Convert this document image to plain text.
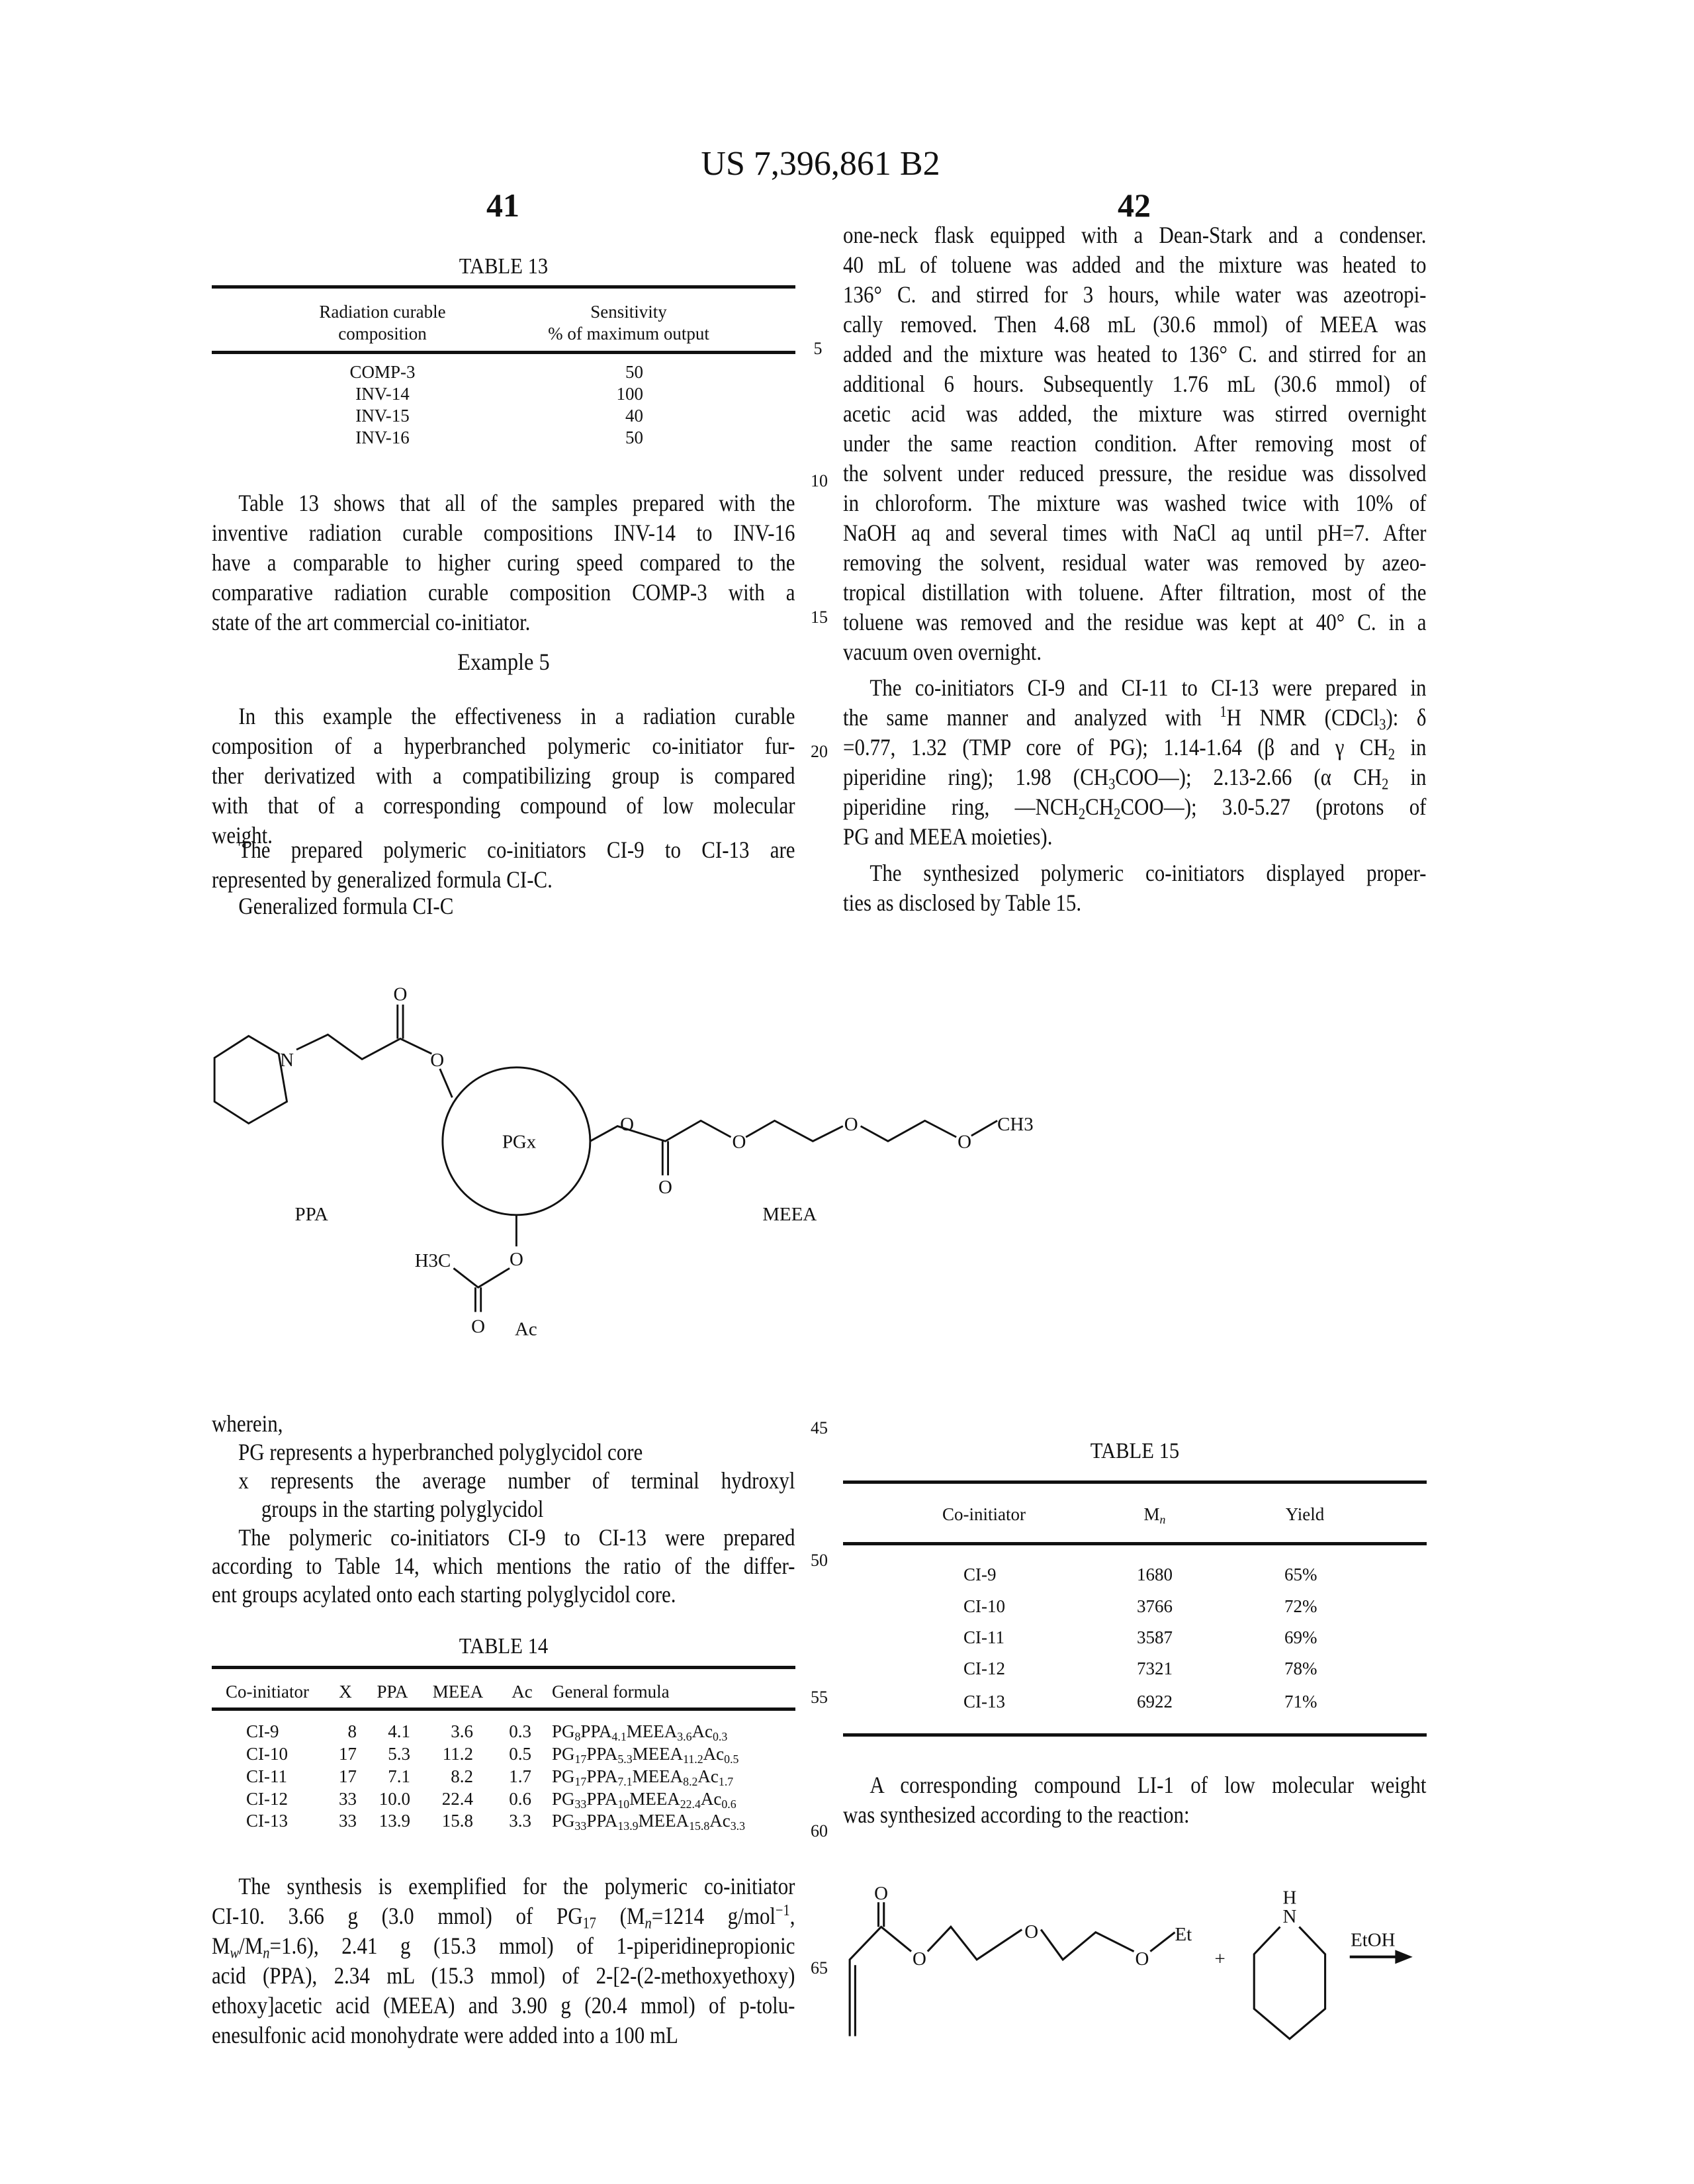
US 7,396,861 B2
41	42
5
10
15
20
45
50
55
60
65
TABLE 13
Radiation curable
composition
Sensitivity
% of maximum output
COMP-3	50
INV-14	100
INV-15	40
INV-16	50
Table 13 shows that all of the samples prepared with the
inventive radiation curable compositions INV-14 to INV-16
have a comparable to higher curing speed compared to the
comparative radiation curable composition COMP-3 with a
state of the art commercial co-initiator.
Example 5
In this example the effectiveness in a radiation curable
composition of a hyperbranched polymeric co-initiator fur-
ther derivatized with a compatibilizing group is compared
with that of a corresponding compound of low molecular
weight.
The prepared polymeric co-initiators CI-9 to CI-13 are
represented by generalized formula CI-C.
Generalized formula CI-C
wherein,
PG represents a hyperbranched polyglycidol core
x represents the average number of terminal hydroxyl
groups in the starting polyglycidol
The polymeric co-initiators CI-9 to CI-13 were prepared
according to Table 14, which mentions the ratio of the differ-
ent groups acylated onto each starting polyglycidol core.
TABLE 14
Co-initiator X PPA MEEA Ac General formula
CI-9	8	4.1	3.6	0.3 PG8PPA4.1MEEA3.6Ac0.3
CI-10	17	5.3	11.2	0.5 PG17PPA5.3MEEA11.2Ac0.5
CI-11	17	7.1	8.2	1.7 PG17PPA7.1MEEA8.2Ac1.7
CI-12	33	10.0	22.4	0.6 PG33PPA10MEEA22.4Ac0.6
CI-13	33	13.9	15.8	3.3 PG33PPA13.9MEEA15.8Ac3.3
The synthesis is exemplified for the polymeric co-initiator
CI-10. 3.66 g (3.0 mmol) of PG17 (Mn=1214 g/mol−1,
Mw/Mn=1.6), 2.41 g (15.3 mmol) of 1-piperidinepropionic
acid (PPA), 2.34 mL (15.3 mmol) of 2-[2-(2-methoxyethoxy)
ethoxy]acetic acid (MEEA) and 3.90 g (20.4 mmol) of p-tolu-
enesulfonic acid monohydrate were added into a 100 mL
one-neck flask equipped with a Dean-Stark and a condenser.
40 mL of toluene was added and the mixture was heated to
136° C. and stirred for 3 hours, while water was azeotropi-
cally removed. Then 4.68 mL (30.6 mmol) of MEEA was
added and the mixture was heated to 136° C. and stirred for an
additional 6 hours. Subsequently 1.76 mL (30.6 mmol) of
acetic acid was added, the mixture was stirred overnight
under the same reaction condition. After removing most of
the solvent under reduced pressure, the residue was dissolved
in chloroform. The mixture was washed twice with 10% of
NaOH aq and several times with NaCl aq until pH=7. After
removing the solvent, residual water was removed by azeo-
tropical distillation with toluene. After filtration, most of the
toluene was removed and the residue was kept at 40° C. in a
vacuum oven overnight.
The co-initiators CI-9 and CI-11 to CI-13 were prepared in
the same manner and analyzed with 1H NMR (CDCl3): δ
=0.77, 1.32 (TMP core of PG); 1.14-1.64 (β and γ CH2 in
piperidine ring); 1.98 (CH3COO—); 2.13-2.66 (α CH2 in
piperidine ring, —NCH2CH2COO—); 3.0-5.27 (protons of
PG and MEEA moieties).
The synthesized polymeric co-initiators displayed proper-
ties as disclosed by Table 15.
TABLE 15
Co-initiator	Mn	Yield
CI-9	1680	65%
CI-10	3766	72%
CI-11	3587	69%
CI-12	7321	78%
CI-13	6922	71%
A corresponding compound LI-1 of low molecular weight
was synthesized according to the reaction:
N
O
O
PGx
O
O
O
O
O
CH3
PPA	MEEA
O
H3C
O	Ac
O
O
O
O
Et
+
H
N
EtOH
